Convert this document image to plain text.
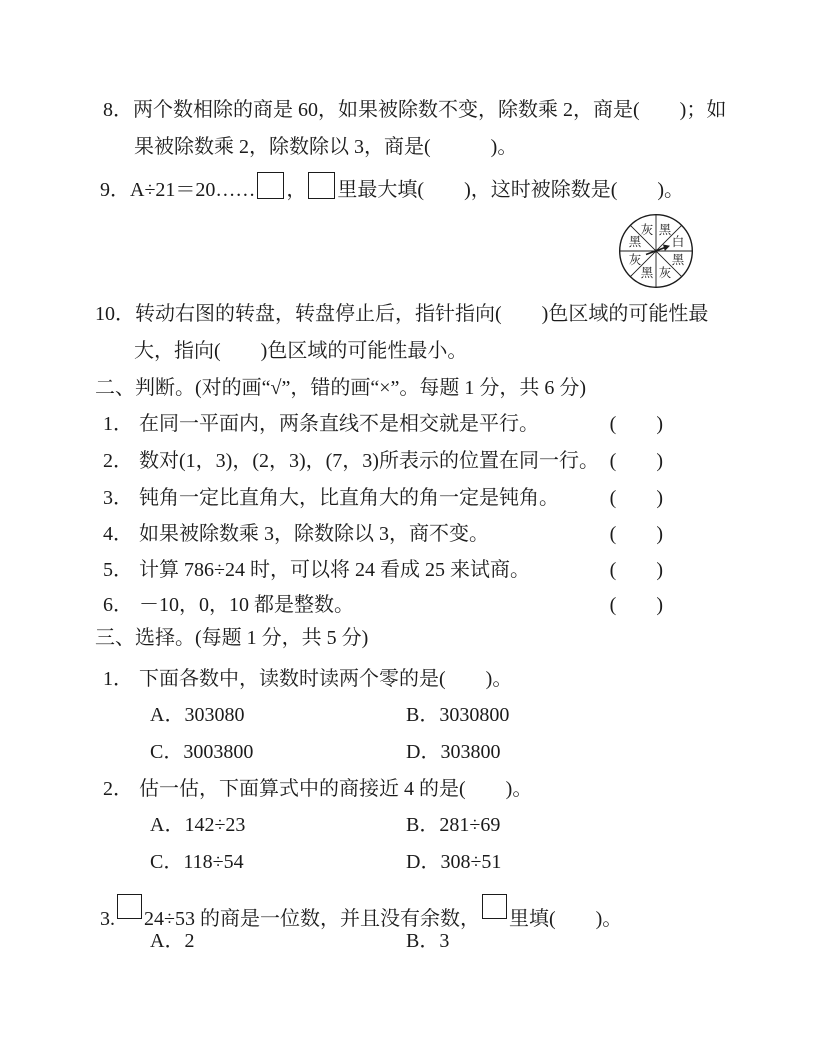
8．两个数相除的商是 60，如果被除数不变，除数乘 2，商是(　　)；如
果被除数乘 2，除数除以 3，商是(　　　)。
9．A÷21＝20…… ， 里最大填(　　)，这时被除数是(　　)。
灰 黑
白
黑
灰
黑
灰
黑
10．转动右图的转盘，转盘停止后，指针指向(　　)色区域的可能性最
大，指向(　　)色区域的可能性最小。
二、判断。(对的画“√”，错的画“×”。每题 1 分，共 6 分)
1． 在同一平面内，两条直线不是相交就是平行。	(　　)
2． 数对(1，3)，(2，3)，(7，3)所表示的位置在同一行。 (　　)
3． 钝角一定比直角大，比直角大的角一定是钝角。	(　　)
4． 如果被除数乘 3，除数除以 3，商不变。	(　　)
5． 计算 786÷24 时，可以将 24 看成 25 来试商。	(　　)
6． －10，0，10 都是整数。	(　　)
三、选择。(每题 1 分，共 5 分)
1． 下面各数中，读数时读两个零的是(　　)。
A．303080	B．3030800
C．3003800	D．303800
2． 估一估，下面算式中的商接近 4 的是(　　)。
A．142÷23	B．281÷69
C．118÷54	D．308÷51
3. 24÷53 的商是一位数，并且没有余数， 里填(　　)。
A．2	B．3
